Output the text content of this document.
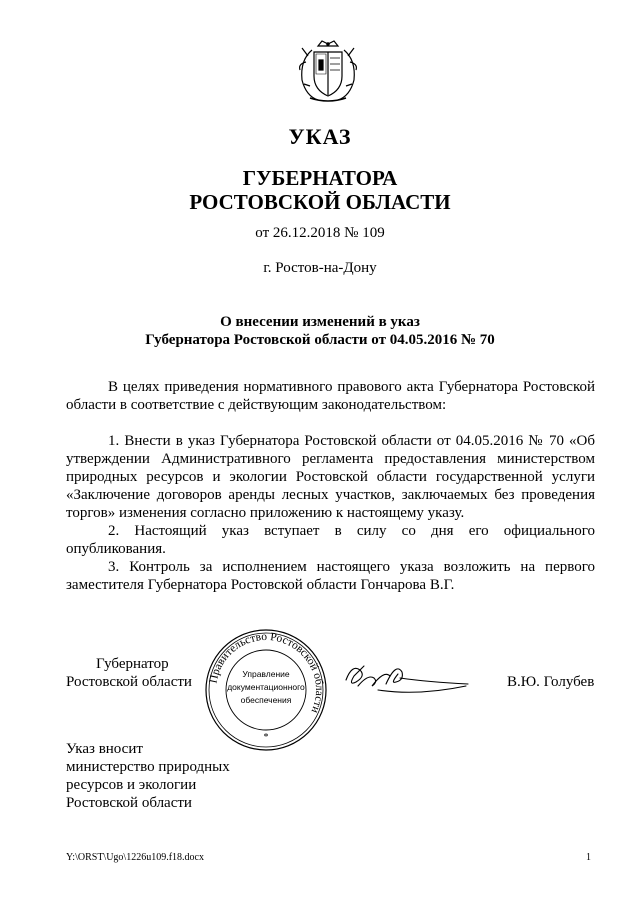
УКАЗ
ГУБЕРНАТОРА
РОСТОВСКОЙ ОБЛАСТИ
от 26.12.2018 № 109
г. Ростов-на-Дону
О внесении изменений в указ
Губернатора Ростовской области от 04.05.2016 № 70

В целях приведения нормативного правового акта Губернатора Ростовской области в соответствие с действующим законодательством:

1. Внести в указ Губернатора Ростовской области от 04.05.2016 № 70 «Об утверждении Административного регламента предоставления министерством природных ресурсов и экологии Ростовской области государственной услуги «Заключение договоров аренды лесных участков, заключаемых без проведения торгов» изменения согласно приложению к настоящему указу.

2. Настоящий указ вступает в силу со дня его официального опубликования.

3. Контроль за исполнением настоящего указа возложить на первого заместителя Губернатора Ростовской области Гончарова В.Г.

Губернатор
Ростовской области Правительство Ростовской области
Управление
документационного
обеспечения
*
В.Ю. Голубев
Указ вносит
министерство природных
ресурсов и экологии
Ростовской области
Y:\ORST\Ugo\1226u109.f18.docx	1
